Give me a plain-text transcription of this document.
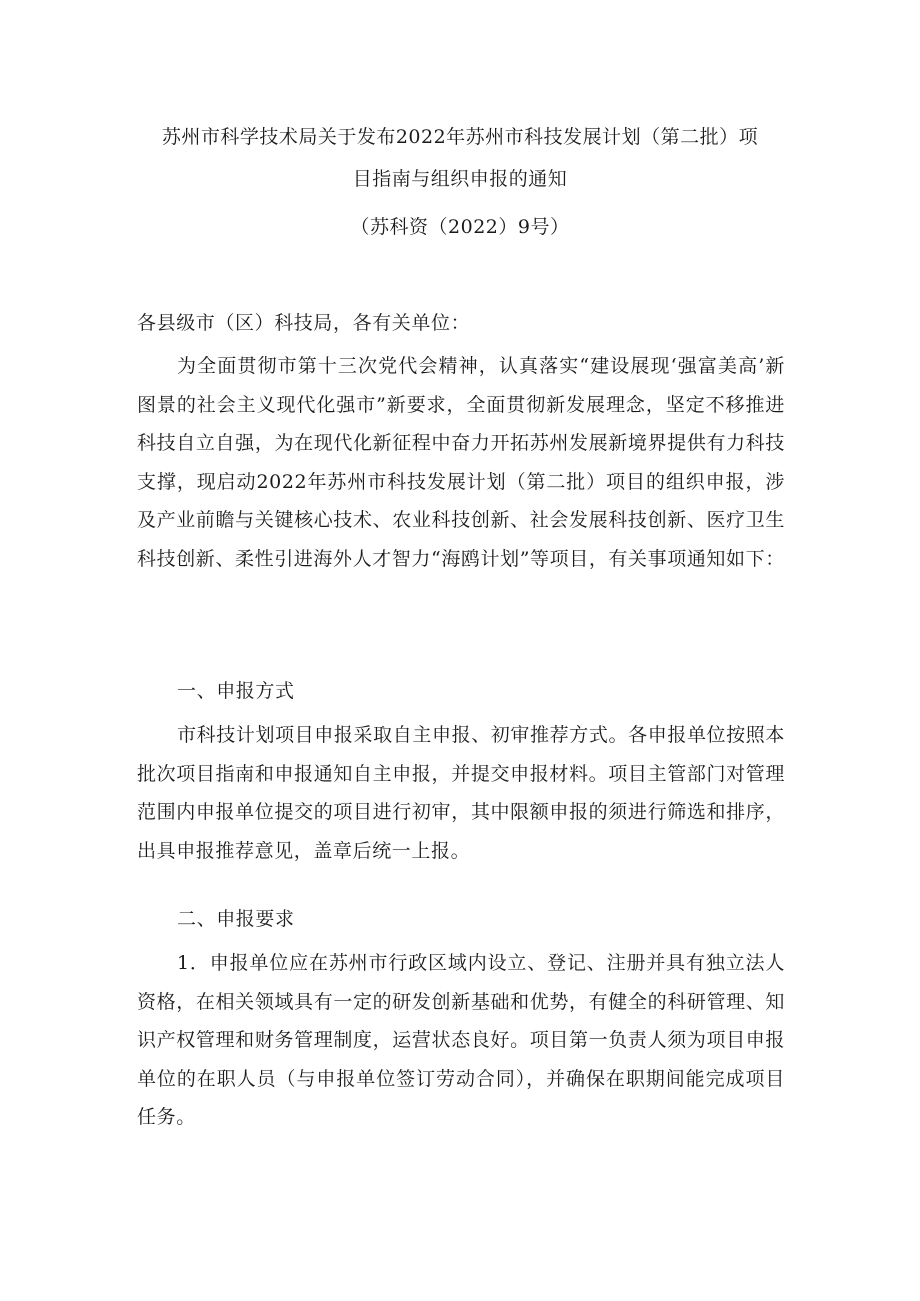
苏州市科学技术局关于发布2022年苏州市科技发展计划（第二批）项
目指南与组织申报的通知
（苏科资（2022）9号）

各县级市（区）科技局，各有关单位：

为全面贯彻市第十三次党代会精神，认真落实“建设展现‘强富美高’新图景的社会主义现代化强市”新要求，全面贯彻新发展理念，坚定不移推进科技自立自强，为在现代化新征程中奋力开拓苏州发展新境界提供有力科技支撑，现启动2022年苏州市科技发展计划（第二批）项目的组织申报，涉及产业前瞻与关键核心技术、农业科技创新、社会发展科技创新、医疗卫生科技创新、柔性引进海外人才智力“海鸥计划”等项目，有关事项通知如下：

一、申报方式

市科技计划项目申报采取自主申报、初审推荐方式。各申报单位按照本批次项目指南和申报通知自主申报，并提交申报材料。项目主管部门对管理范围内申报单位提交的项目进行初审，其中限额申报的须进行筛选和排序，出具申报推荐意见，盖章后统一上报。

二、申报要求

1．申报单位应在苏州市行政区域内设立、登记、注册并具有独立法人资格，在相关领域具有一定的研发创新基础和优势，有健全的科研管理、知识产权管理和财务管理制度，运营状态良好。项目第一负责人须为项目申报单位的在职人员（与申报单位签订劳动合同），并确保在职期间能完成项目任务。
